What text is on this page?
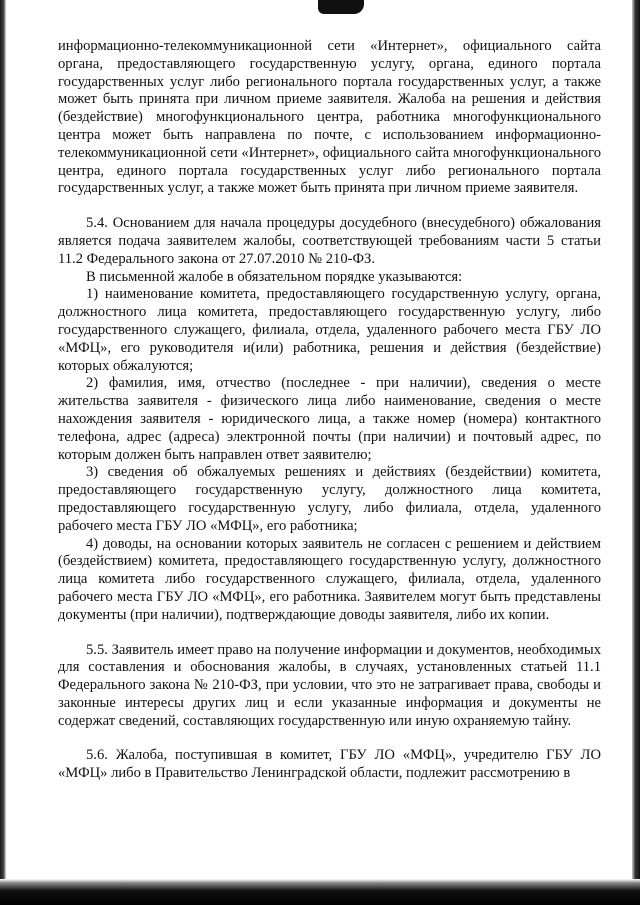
информационно-телекоммуникационной сети «Интернет», официального сайта органа, предоставляющего государственную услугу, органа, единого портала государственных услуг либо регионального портала государственных услуг, а также может быть принята при личном приеме заявителя. Жалоба на решения и действия (бездействие) многофункционального центра, работника многофункционального центра может быть направлена по почте, с использованием информационно-телекоммуникационной сети «Интернет», официального сайта многофункционального центра, единого портала государственных услуг либо регионального портала государственных услуг, а также может быть принята при личном приеме заявителя.

5.4. Основанием для начала процедуры досудебного (внесудебного) обжалования является подача заявителем жалобы, соответствующей требованиям части 5 статьи 11.2 Федерального закона от 27.07.2010 № 210-ФЗ.

В письменной жалобе в обязательном порядке указываются:

1) наименование комитета, предоставляющего государственную услугу, органа, должностного лица комитета, предоставляющего государственную услугу, либо государственного служащего, филиала, отдела, удаленного рабочего места ГБУ ЛО «МФЦ», его руководителя и(или) работника, решения и действия (бездействие) которых обжалуются;

2) фамилия, имя, отчество (последнее - при наличии), сведения о месте жительства заявителя - физического лица либо наименование, сведения о месте нахождения заявителя - юридического лица, а также номер (номера) контактного телефона, адрес (адреса) электронной почты (при наличии) и почтовый адрес, по которым должен быть направлен ответ заявителю;

3) сведения об обжалуемых решениях и действиях (бездействии) комитета, предоставляющего государственную услугу, должностного лица комитета, предоставляющего государственную услугу, либо филиала, отдела, удаленного рабочего места ГБУ ЛО «МФЦ», его работника;

4) доводы, на основании которых заявитель не согласен с решением и действием (бездействием) комитета, предоставляющего государственную услугу, должностного лица комитета либо государственного служащего, филиала, отдела, удаленного рабочего места ГБУ ЛО «МФЦ», его работника. Заявителем могут быть представлены документы (при наличии), подтверждающие доводы заявителя, либо их копии.

5.5. Заявитель имеет право на получение информации и документов, необходимых для составления и обоснования жалобы, в случаях, установленных статьей 11.1 Федерального закона № 210-ФЗ, при условии, что это не затрагивает права, свободы и законные интересы других лиц и если указанные информация и документы не содержат сведений, составляющих государственную или иную охраняемую тайну.

5.6. Жалоба, поступившая в комитет, ГБУ ЛО «МФЦ», учредителю ГБУ ЛО «МФЦ» либо в Правительство Ленинградской области, подлежит рассмотрению в
